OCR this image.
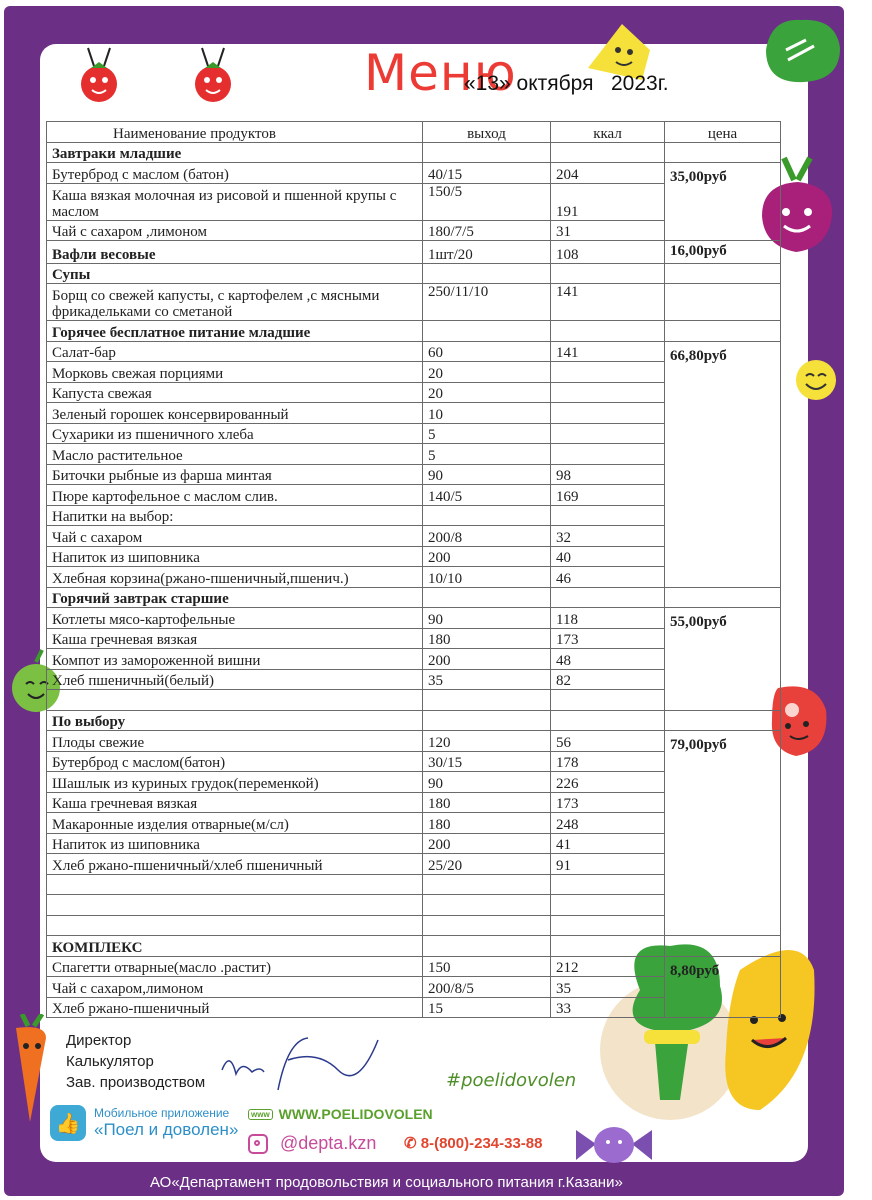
Меню
«13» октября   2023г.
Наименование продуктов	выход	ккал	цена
Завтраки младшие			
Бутерброд с маслом (батон)	40/15	204	35,00руб
Каша вязкая молочная из рисовой и пшенной крупы с маслом	150/5	191	
Чай с сахаром ,лимоном	180/7/5	31	
Вафли весовые	1шт/20	108	16,00руб
Супы			
Борщ со свежей капусты, с картофелем ,с мясными фрикадельками со сметаной	250/11/10	141	
Горячее бесплатное питание младшие			
Салат-бар	60	141	66,80руб
Морковь свежая порциями	20		
Капуста свежая	20		
Зеленый горошек консервированный	10		
Сухарики из пшеничного хлеба	5		
Масло растительное	5		
Биточки рыбные из фарша минтая	90	98	
Пюре картофельное с маслом слив.	140/5	169	
Напитки на выбор:			
Чай с сахаром	200/8	32	
Напиток из шиповника	200	40	
Хлебная корзина(ржано-пшеничный,пшенич.)	10/10	46	
Горячий завтрак старшие			
Котлеты мясо-картофельные	90	118	55,00руб
Каша гречневая вязкая	180	173	
Компот из замороженной вишни	200	48	
Хлеб пшеничный(белый)	35	82	

По выбору			
Плоды свежие	120	56	79,00руб
Бутерброд с маслом(батон)	30/15	178	
Шашлык из куриных грудок(переменкой)	90	226	
Каша гречневая вязкая	180	173	
Макаронные изделия отварные(м/сл)	180	248	
Напиток из шиповника	200	41	
Хлеб ржано-пшеничный/хлеб пшеничный	25/20	91	

КОМПЛЕКС			
Спагетти отварные(масло .растит)	150	212	8,80руб
Чай с сахаром,лимоном	200/8/5	35	
Хлеб ржано-пшеничный	15	33	
Директор
Калькулятор
Зав. производством	#poelidovolen
👍	Мобильное приложение
«Поел и доволен»
www WWW.POELIDOVOLEN
@depta.kzn ✆ 8-(800)-234-33-88
АО«Департамент продовольствия и социального питания г.Казани»
